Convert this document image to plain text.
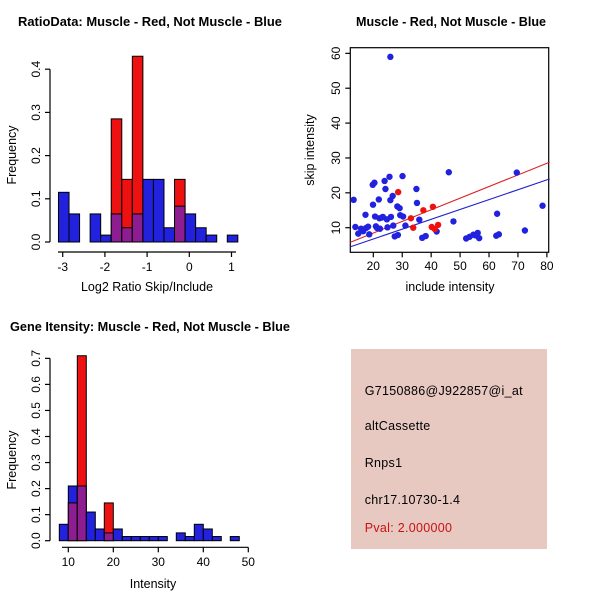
RatioData: Muscle - Red, Not Muscle - Blue
0.0
0.1
0.2
0.3
0.4
Frequency
-3	-2	-1	0	1
Log2 Ratio Skip/Include
Muscle - Red, Not Muscle - Blue
20 30 40 50 60 70 80
10
20
30
40
50
60
include intensity
skip intensity
Gene Itensity: Muscle - Red, Not Muscle - Blue
0.0
0.1
0.2
0.3
0.4
0.5
0.6
0.7
Frequency
10	20	30	40	50
Intensity
G7150886@J922857@i_at
altCassette
Rnps1
chr17.10730-1.4
Pval: 2.000000
